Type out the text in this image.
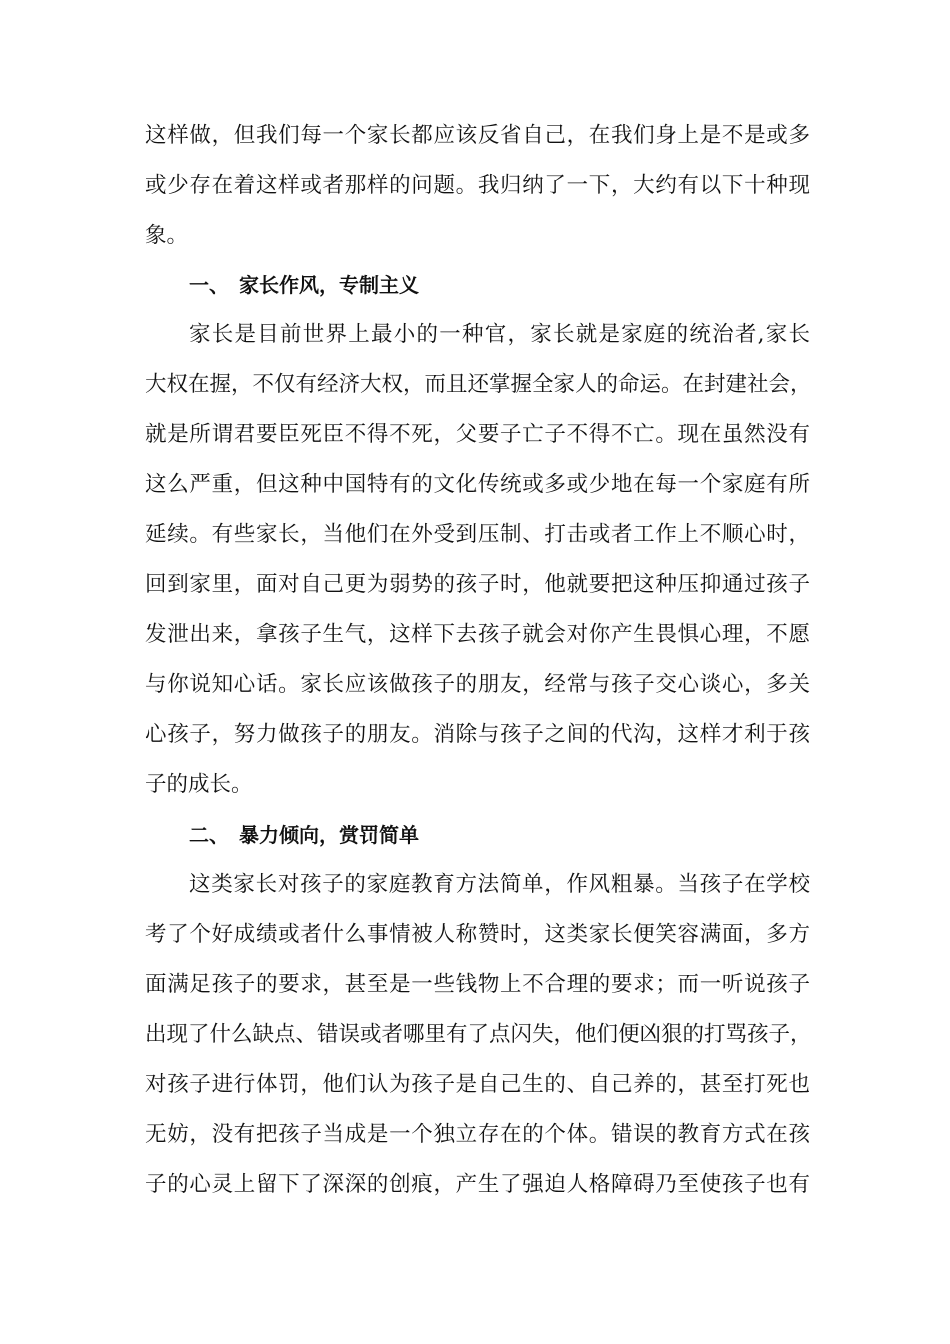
这样做，但我们每一个家长都应该反省自己，在我们身上是不是或多
或少存在着这样或者那样的问题。我归纳了一下，大约有以下十种现
象。
一、 家长作风，专制主义
家长是目前世界上最小的一种官，家长就是家庭的统治者,家长
大权在握，不仅有经济大权，而且还掌握全家人的命运。在封建社会，
就是所谓君要臣死臣不得不死，父要子亡子不得不亡。现在虽然没有
这么严重，但这种中国特有的文化传统或多或少地在每一个家庭有所
延续。有些家长，当他们在外受到压制、打击或者工作上不顺心时，
回到家里，面对自己更为弱势的孩子时，他就要把这种压抑通过孩子
发泄出来，拿孩子生气，这样下去孩子就会对你产生畏惧心理，不愿
与你说知心话。家长应该做孩子的朋友，经常与孩子交心谈心，多关
心孩子，努力做孩子的朋友。消除与孩子之间的代沟，这样才利于孩
子的成长。
二、 暴力倾向，赏罚简单
这类家长对孩子的家庭教育方法简单，作风粗暴。当孩子在学校
考了个好成绩或者什么事情被人称赞时，这类家长便笑容满面，多方
面满足孩子的要求，甚至是一些钱物上不合理的要求；而一听说孩子
出现了什么缺点、错误或者哪里有了点闪失，他们便凶狠的打骂孩子，
对孩子进行体罚，他们认为孩子是自己生的、自己养的，甚至打死也
无妨，没有把孩子当成是一个独立存在的个体。错误的教育方式在孩
子的心灵上留下了深深的创痕，产生了强迫人格障碍乃至使孩子也有
